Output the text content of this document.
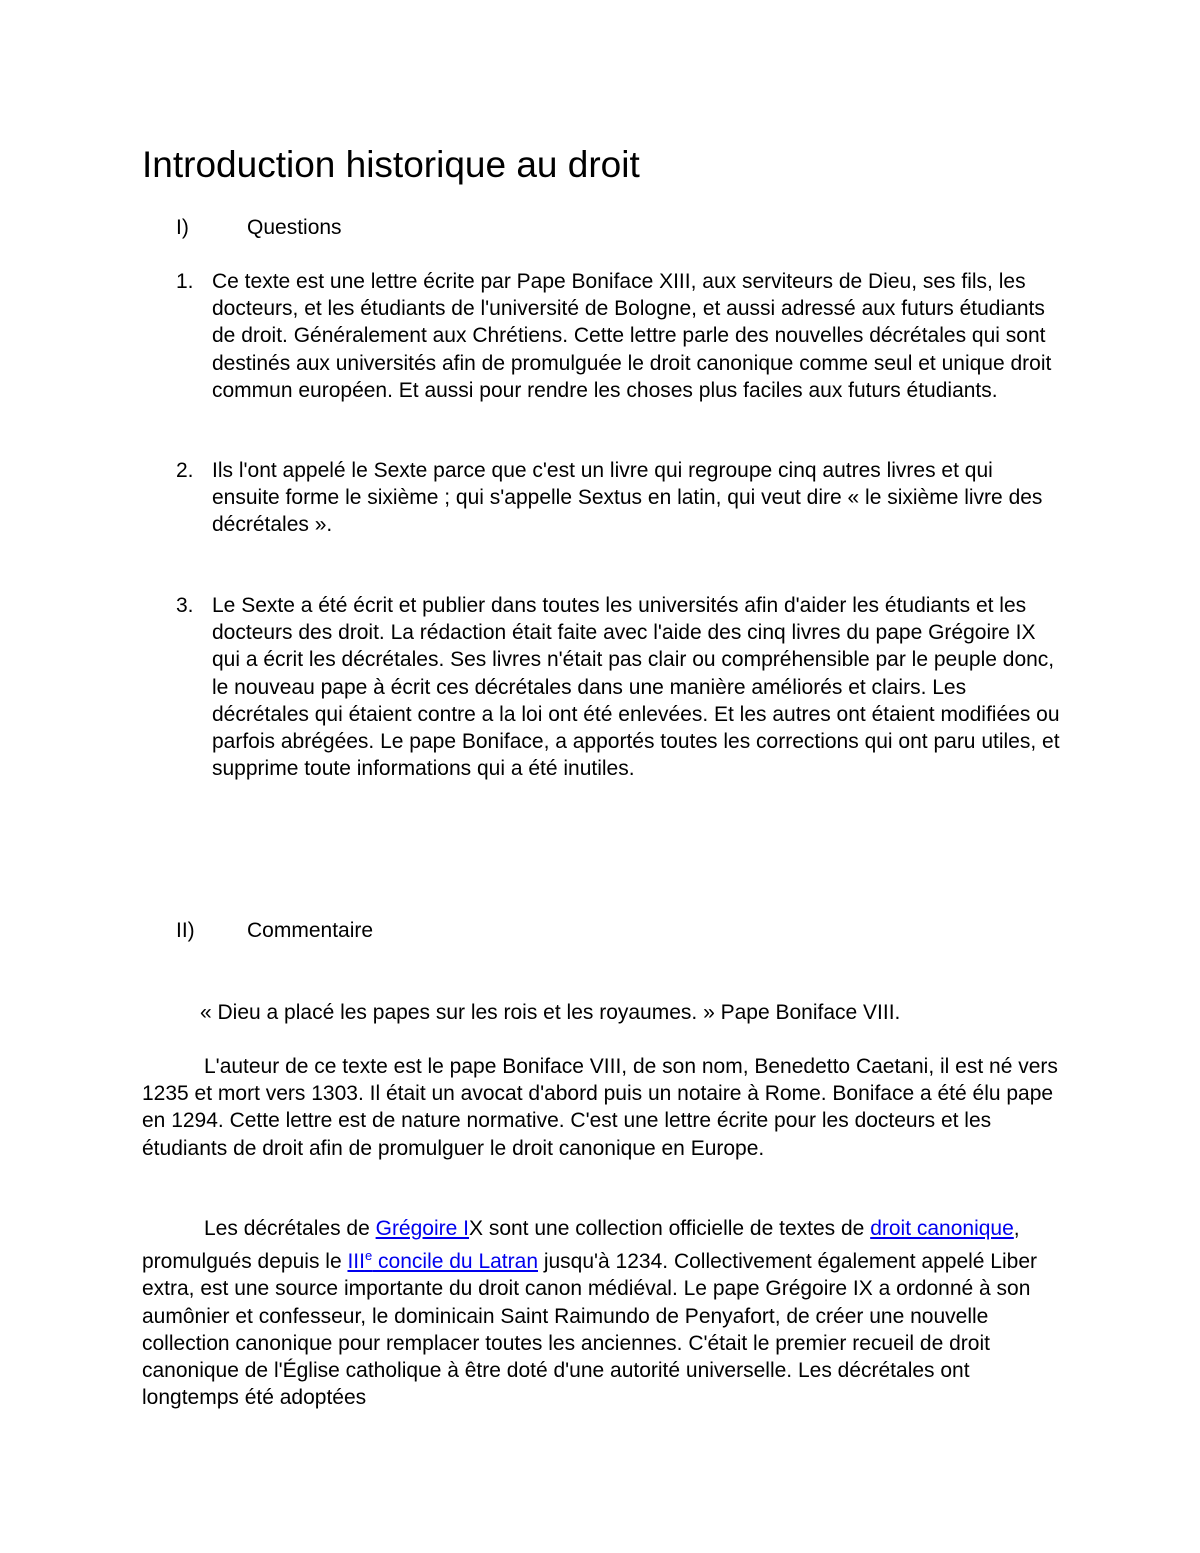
Introduction historique au droit
I)	Questions
1. Ce texte est une lettre écrite par Pape Boniface XIII, aux serviteurs de Dieu, ses fils, les docteurs, et les étudiants de l'université de Bologne, et aussi adressé aux futurs étudiants de droit. Généralement aux Chrétiens. Cette lettre parle des nouvelles décrétales qui sont destinés aux universités afin de promulguée le droit canonique comme seul et unique droit commun européen. Et aussi pour rendre les choses plus faciles aux futurs étudiants.
2. Ils l'ont appelé le Sexte parce que c'est un livre qui regroupe cinq autres livres et qui ensuite forme le sixième ; qui s'appelle Sextus en latin, qui veut dire « le sixième livre des décrétales ».
3. Le Sexte a été écrit et publier dans toutes les universités afin d'aider les étudiants et les docteurs des droit. La rédaction était faite avec l'aide des cinq livres du pape Grégoire IX qui a écrit les décrétales. Ses livres n'était pas clair ou compréhensible par le peuple donc, le nouveau pape à écrit ces décrétales dans une manière améliorés et clairs. Les décrétales qui étaient contre a la loi ont été enlevées. Et les autres ont étaient modifiées ou parfois abrégées. Le pape Boniface, a apportés toutes les corrections qui ont paru utiles, et supprime toute informations qui a été inutiles.
II) Commentaire
« Dieu a placé les papes sur les rois et les royaumes. » Pape Boniface VIII.

L'auteur de ce texte est le pape Boniface VIII, de son nom, Benedetto Caetani, il est né vers 1235 et mort vers 1303. Il était un avocat d'abord puis un notaire à Rome. Boniface a été élu pape en 1294. Cette lettre est de nature normative. C'est une lettre écrite pour les docteurs et les étudiants de droit afin de promulguer le droit canonique en Europe.

Les décrétales de Grégoire IX sont une collection officielle de textes de droit canonique, promulgués depuis le IIIe concile du Latran jusqu'à 1234. Collectivement également appelé Liber extra, est une source importante du droit canon médiéval. Le pape Grégoire IX a ordonné à son aumônier et confesseur, le dominicain Saint Raimundo de Penyafort, de créer une nouvelle collection canonique pour remplacer toutes les anciennes. C'était le premier recueil de droit canonique de l'Église catholique à être doté d'une autorité universelle. Les décrétales ont longtemps été adoptées
